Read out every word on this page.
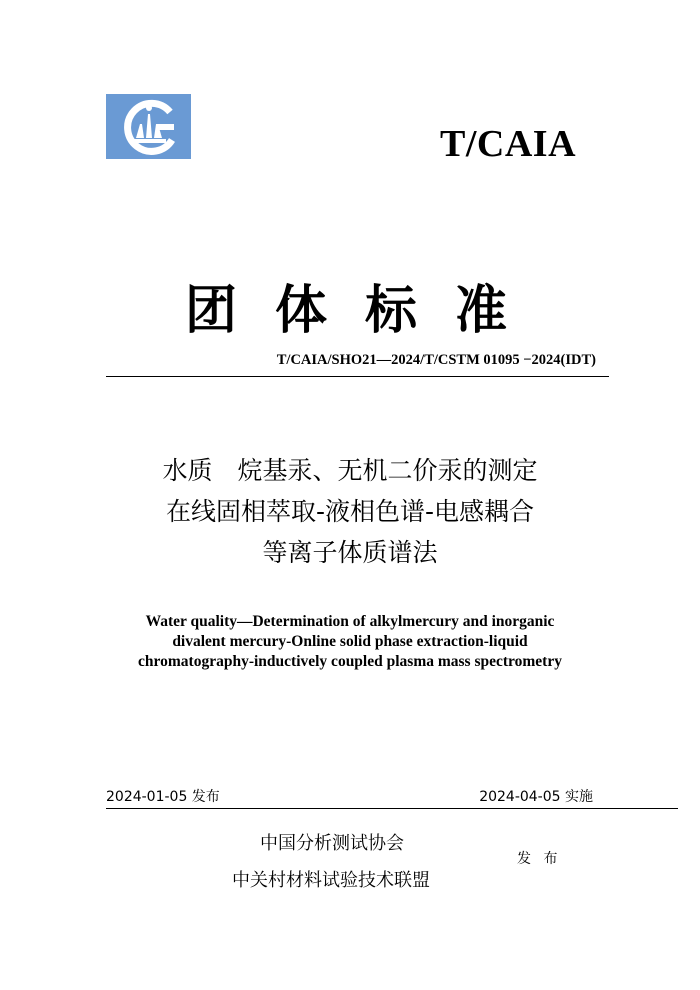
T/CAIA
团体标准
T/CAIA/SHO21—2024/T/CSTM 01095 −2024(IDT)
水质　烷基汞、无机二价汞的测定
在线固相萃取-液相色谱-电感耦合
等离子体质谱法
Water quality—Determination of alkylmercury and inorganic
divalent mercury-Online solid phase extraction-liquid
chromatography-inductively coupled plasma mass spectrometry
2024-01-05 发布	2024-04-05 实施
中国分析测试协会
中关村材料试验技术联盟
发 布
